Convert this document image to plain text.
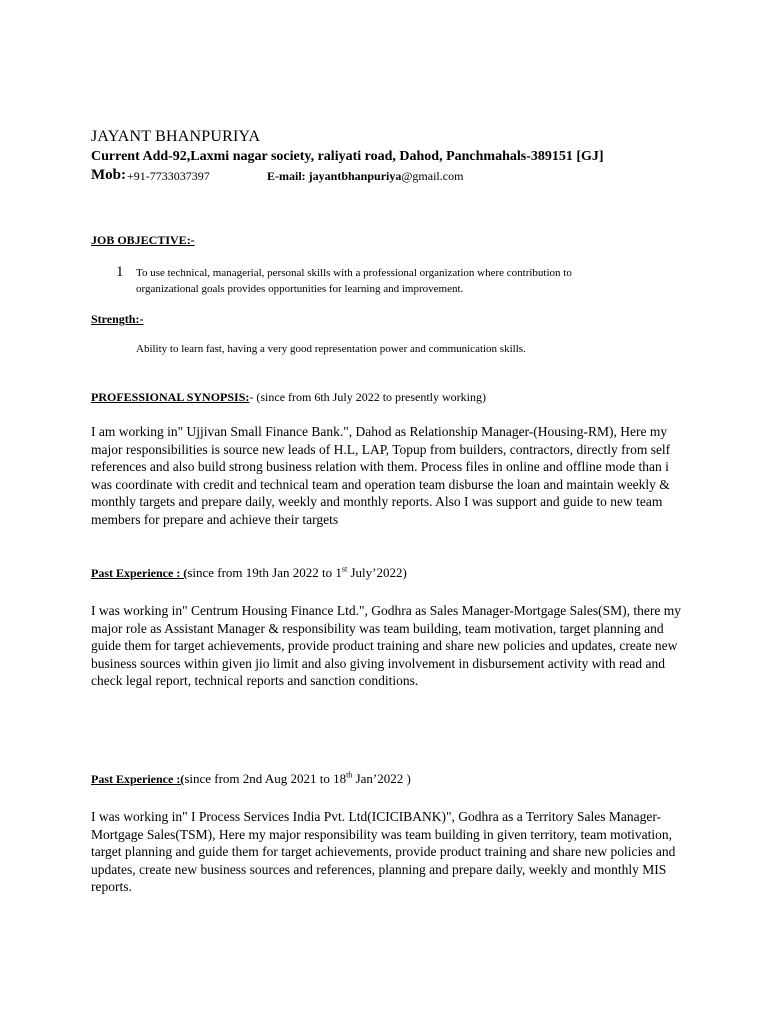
JAYANT BHANPURIYA
Current Add-92,Laxmi nagar society, raliyati road, Dahod, Panchmahals-389151 [GJ]
Mob: +91-7733037397	E-mail: jayantbhanpuriya@gmail.com
JOB OBJECTIVE:-
1 To use technical, managerial, personal skills with a professional organization where contribution to
organizational goals provides opportunities for learning and improvement.
Strength:-
Ability to learn fast, having a very good representation power and communication skills.
PROFESSIONAL SYNOPSIS:- (since from 6th July 2022 to presently working)
I am working in" Ujjivan Small Finance Bank.", Dahod as Relationship Manager-(Housing-RM), Here my major responsibilities is source new leads of H.L, LAP, Topup from builders, contractors, directly from self references and also build strong business relation with them. Process files in online and offline mode than i was coordinate with credit and technical team and operation team disburse the loan and maintain weekly & monthly targets and prepare daily, weekly and monthly reports. Also I was support and guide to new team members for prepare and achieve their targets
Past Experience : (since from 19th Jan 2022 to 1st July’2022)
I was working in" Centrum Housing Finance Ltd.", Godhra as Sales Manager-Mortgage Sales(SM), there my major role as Assistant Manager & responsibility was team building, team motivation, target planning and guide them for target achievements, provide product training and share new policies and updates, create new business sources within given jio limit and also giving involvement in disbursement activity with read and check legal report, technical reports and sanction conditions.
Past Experience :(since from 2nd Aug 2021 to 18th Jan’2022 )
I was working in" I Process Services India Pvt. Ltd(ICICIBANK)", Godhra as a Territory Sales Manager-Mortgage Sales(TSM), Here my major responsibility was team building in given territory, team motivation, target planning and guide them for target achievements, provide product training and share new policies and updates, create new business sources and references, planning and prepare daily, weekly and monthly MIS reports.
